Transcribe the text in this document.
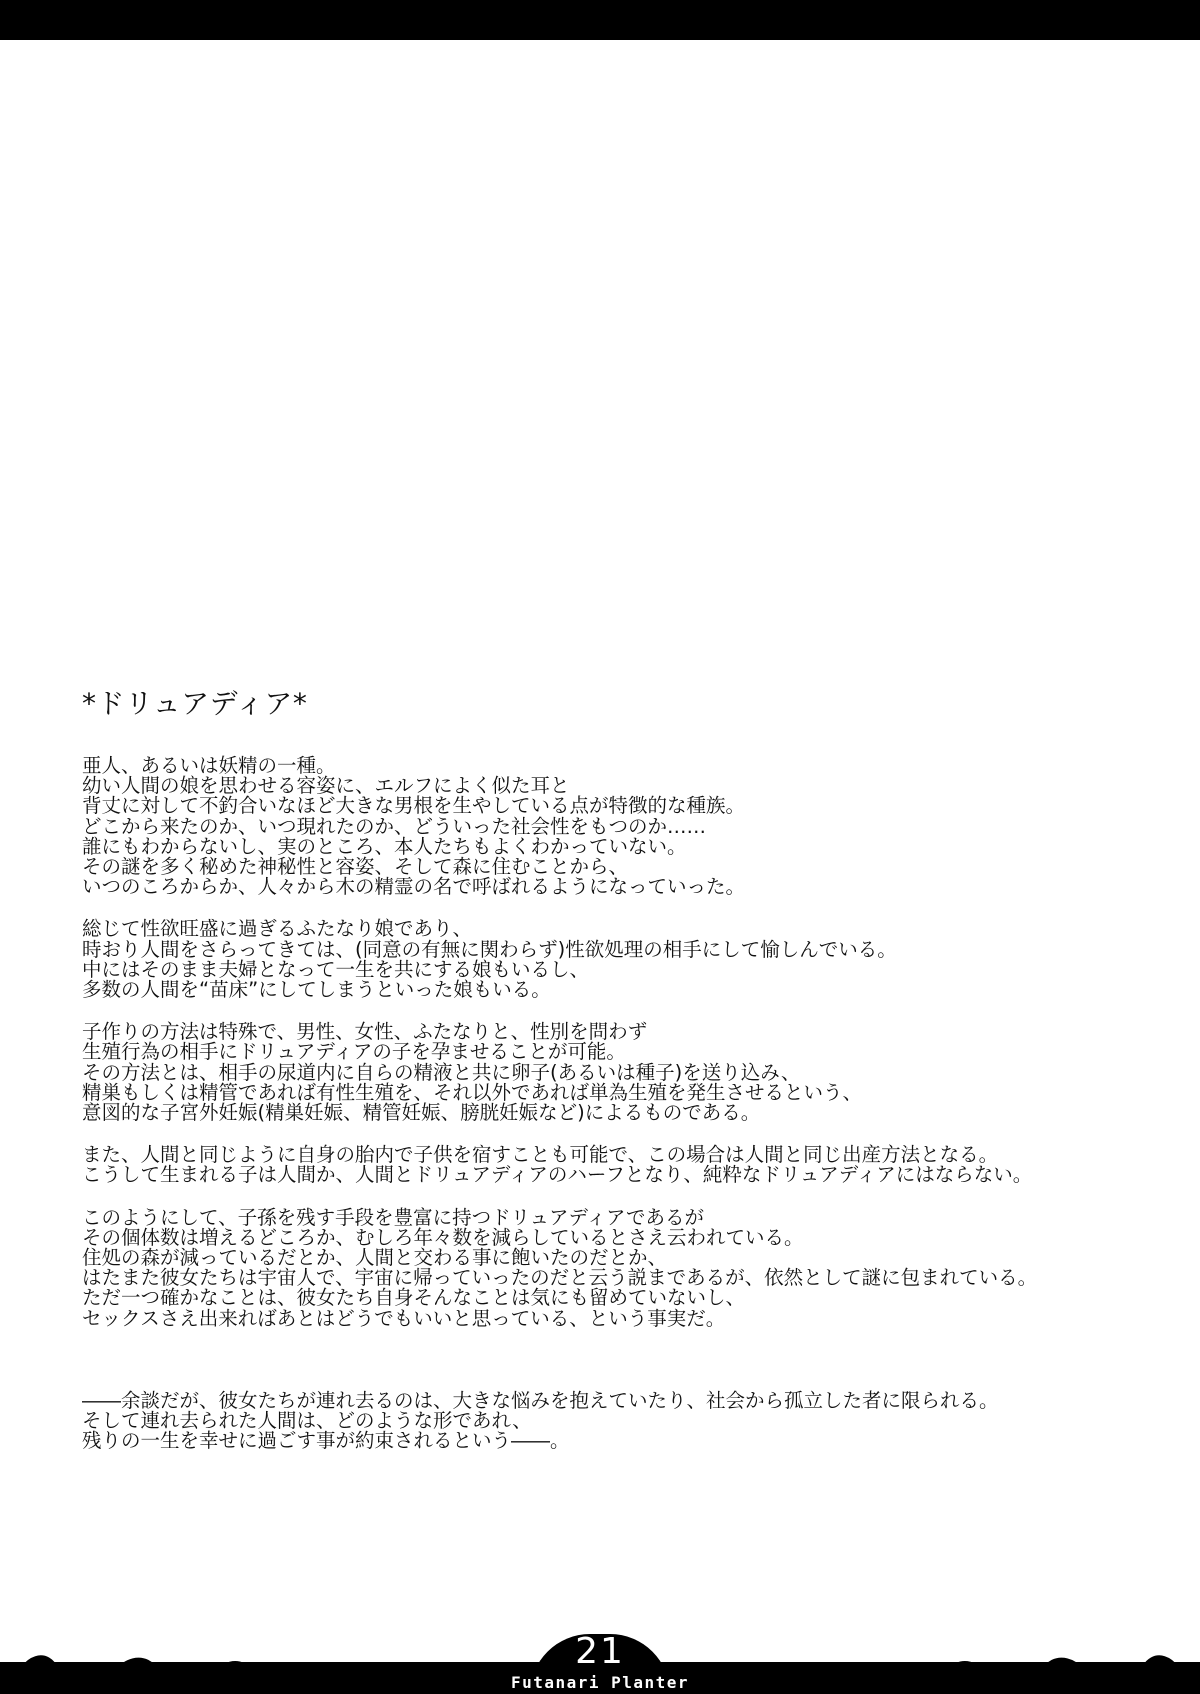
*ドリュアディア*

亜人、あるいは妖精の一種。
幼い人間の娘を思わせる容姿に、エルフによく似た耳と
背丈に対して不釣合いなほど大きな男根を生やしている点が特徴的な種族。
どこから来たのか、いつ現れたのか、どういった社会性をもつのか……
誰にもわからないし、実のところ、本人たちもよくわかっていない。
その謎を多く秘めた神秘性と容姿、そして森に住むことから、
いつのころからか、人々から木の精霊の名で呼ばれるようになっていった。

総じて性欲旺盛に過ぎるふたなり娘であり、
時おり人間をさらってきては、(同意の有無に関わらず)性欲処理の相手にして愉しんでいる。
中にはそのまま夫婦となって一生を共にする娘もいるし、
多数の人間を“苗床”にしてしまうといった娘もいる。

子作りの方法は特殊で、男性、女性、ふたなりと、性別を問わず
生殖行為の相手にドリュアディアの子を孕ませることが可能。
その方法とは、相手の尿道内に自らの精液と共に卵子(あるいは種子)を送り込み、
精巣もしくは精管であれば有性生殖を、それ以外であれば単為生殖を発生させるという、
意図的な子宮外妊娠(精巣妊娠、精管妊娠、膀胱妊娠など)によるものである。

また、人間と同じように自身の胎内で子供を宿すことも可能で、この場合は人間と同じ出産方法となる。
こうして生まれる子は人間か、人間とドリュアディアのハーフとなり、純粋なドリュアディアにはならない。

このようにして、子孫を残す手段を豊富に持つドリュアディアであるが
その個体数は増えるどころか、むしろ年々数を減らしているとさえ云われている。
住処の森が減っているだとか、人間と交わる事に飽いたのだとか、
はたまた彼女たちは宇宙人で、宇宙に帰っていったのだと云う説まであるが、依然として謎に包まれている。
ただ一つ確かなことは、彼女たち自身そんなことは気にも留めていないし、
セックスさえ出来ればあとはどうでもいいと思っている、という事実だ。

――余談だが、彼女たちが連れ去るのは、大きな悩みを抱えていたり、社会から孤立した者に限られる。
そして連れ去られた人間は、どのような形であれ、
残りの一生を幸せに過ごす事が約束されるという――。

21
Futanari Planter
